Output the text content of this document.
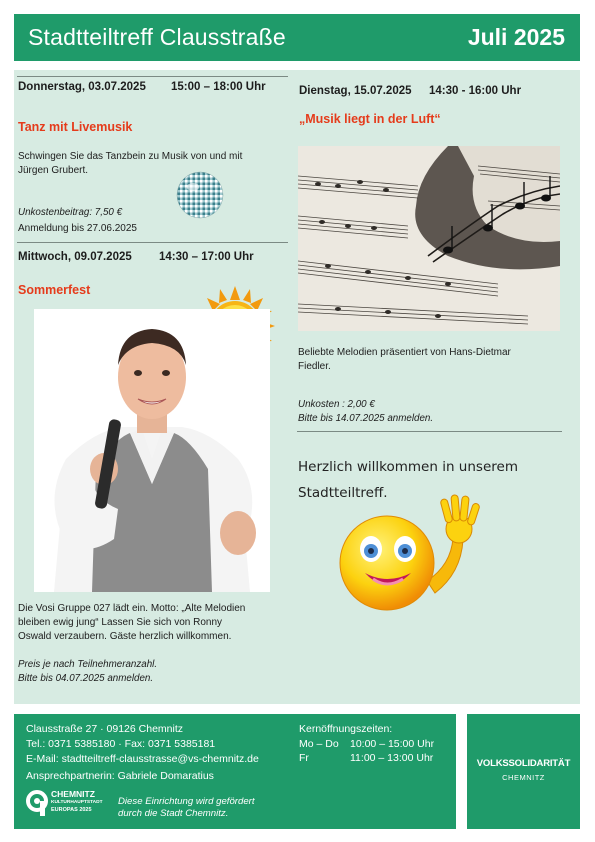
Stadtteiltreff Clausstraße	Juli 2025
Donnerstag, 03.07.2025 15:00 – 18:00 Uhr
Tanz mit Livemusik
Schwingen Sie das Tanzbein zu Musik von und mit
Jürgen Grubert.
Unkostenbeitrag: 7,50 €
Anmeldung bis 27.06.2025
Mittwoch, 09.07.2025 14:30 – 17:00 Uhr
Sommerfest
Die Vosi Gruppe 027 lädt ein. Motto: „Alte Melodien
bleiben ewig jung“ Lassen Sie sich von Ronny
Oswald verzaubern. Gäste herzlich willkommen.
Preis je nach Teilnehmeranzahl.
Bitte bis 04.07.2025 anmelden.
Dienstag, 15.07.2025 14:30 - 16:00 Uhr
„Musik liegt in der Luft“
Beliebte Melodien präsentiert von Hans-Dietmar
Fiedler.
Unkosten : 2,00 €
Bitte bis 14.07.2025 anmelden.
Herzlich willkommen in unserem
Stadtteiltreff.
Clausstraße 27 · 09126 Chemnitz
Tel.: 0371 5385180 · Fax: 0371 5385181
E-Mail: stadtteiltreff-clausstrasse@vs-chemnitz.de
Ansprechpartnerin: Gabriele Domaratius
Kernöffnungszeiten:
Mo – Do 10:00 – 15:00 Uhr
Fr	11:00 – 13:00 Uhr
CHEMNITZ
KULTURHAUPTSTADT
EUROPAS 2025
Diese Einrichtung wird gefördert
durch die Stadt Chemnitz.
VOLKSSOLIDARITÄT
CHEMNITZ
